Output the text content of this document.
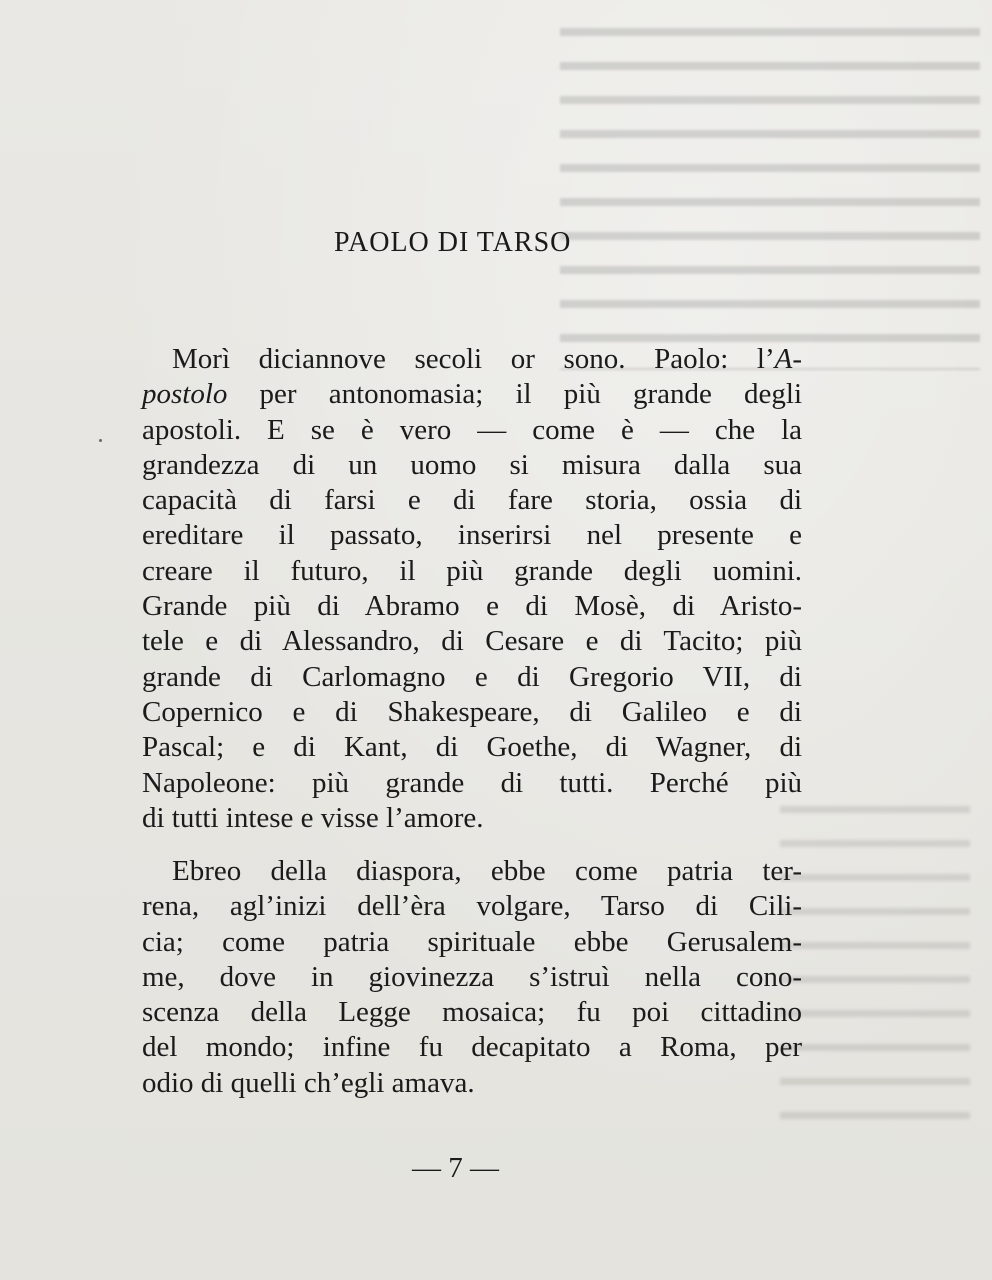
PAOLO DI TARSO
Morì diciannove secoli or sono. Paolo: l’A-
postolo per antonomasia; il più grande degli
apostoli. E se è vero — come è — che la
grandezza di un uomo si misura dalla sua
capacità di farsi e di fare storia, ossia di
ereditare il passato, inserirsi nel presente e
creare il futuro, il più grande degli uomini.
Grande più di Abramo e di Mosè, di Aristo-
tele e di Alessandro, di Cesare e di Tacito; più
grande di Carlomagno e di Gregorio VII, di
Copernico e di Shakespeare, di Galileo e di
Pascal; e di Kant, di Goethe, di Wagner, di
Napoleone: più grande di tutti. Perché più
di tutti intese e visse l’amore.
Ebreo della diaspora, ebbe come patria ter-
rena, agl’inizi dell’èra volgare, Tarso di Cili-
cia; come patria spirituale ebbe Gerusalem-
me, dove in giovinezza s’istruì nella cono-
scenza della Legge mosaica; fu poi cittadino
del mondo; infine fu decapitato a Roma, per
odio di quelli ch’egli amava.
— 7 —
